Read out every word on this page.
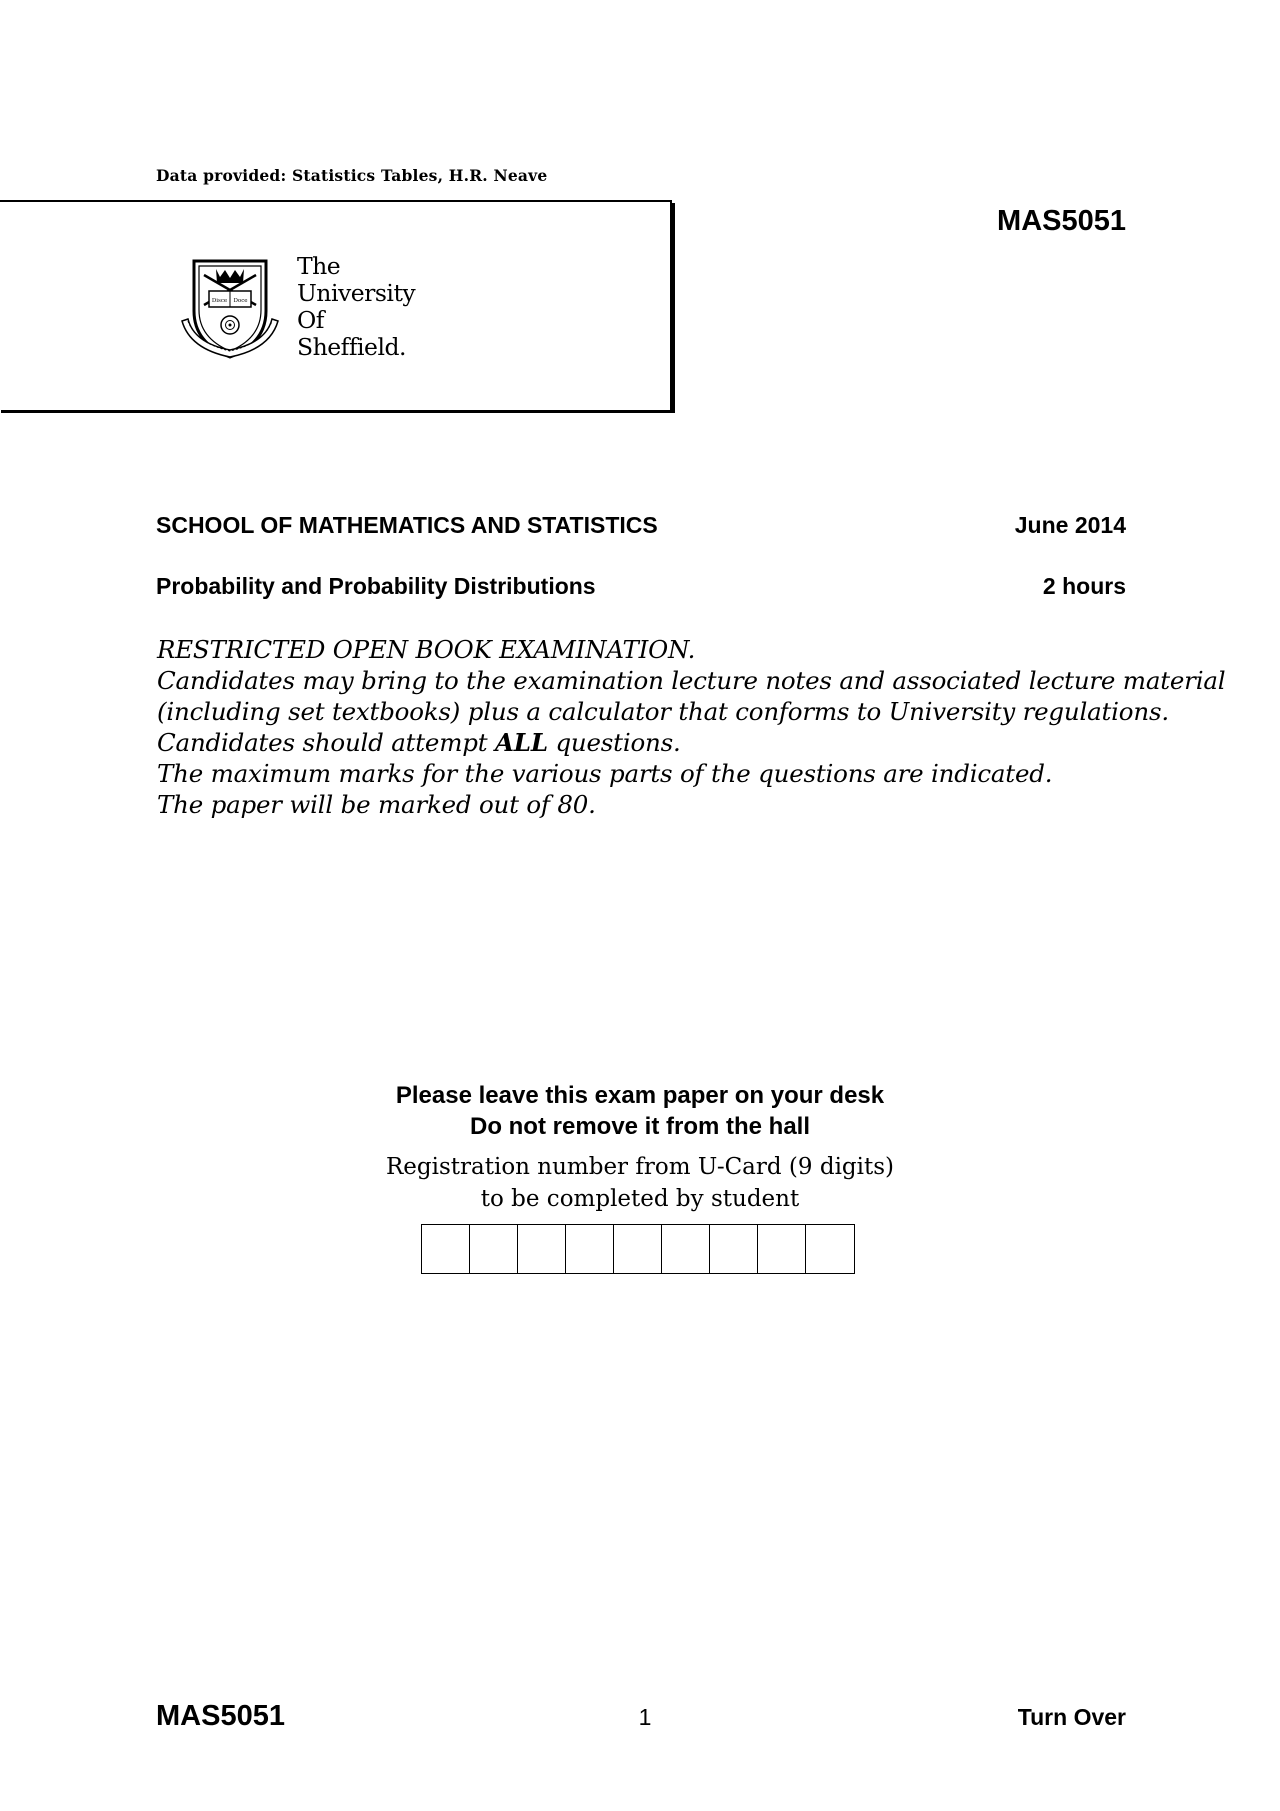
Data provided: Statistics Tables, H.R. Neave
Disce Doce
The
University
Of
Sheffield.
MAS5051
SCHOOL OF MATHEMATICS AND STATISTICS	June 2014
Probability and Probability Distributions	2 hours
RESTRICTED OPEN BOOK EXAMINATION.
Candidates may bring to the examination lecture notes and associated lecture material
(including set textbooks) plus a calculator that conforms to University regulations.
Candidates should attempt ALL questions.
The maximum marks for the various parts of the questions are indicated.
The paper will be marked out of 80.
Please leave this exam paper on your desk
Do not remove it from the hall
Registration number from U-Card (9 digits)
to be completed by student
MAS5051	1	Turn Over
